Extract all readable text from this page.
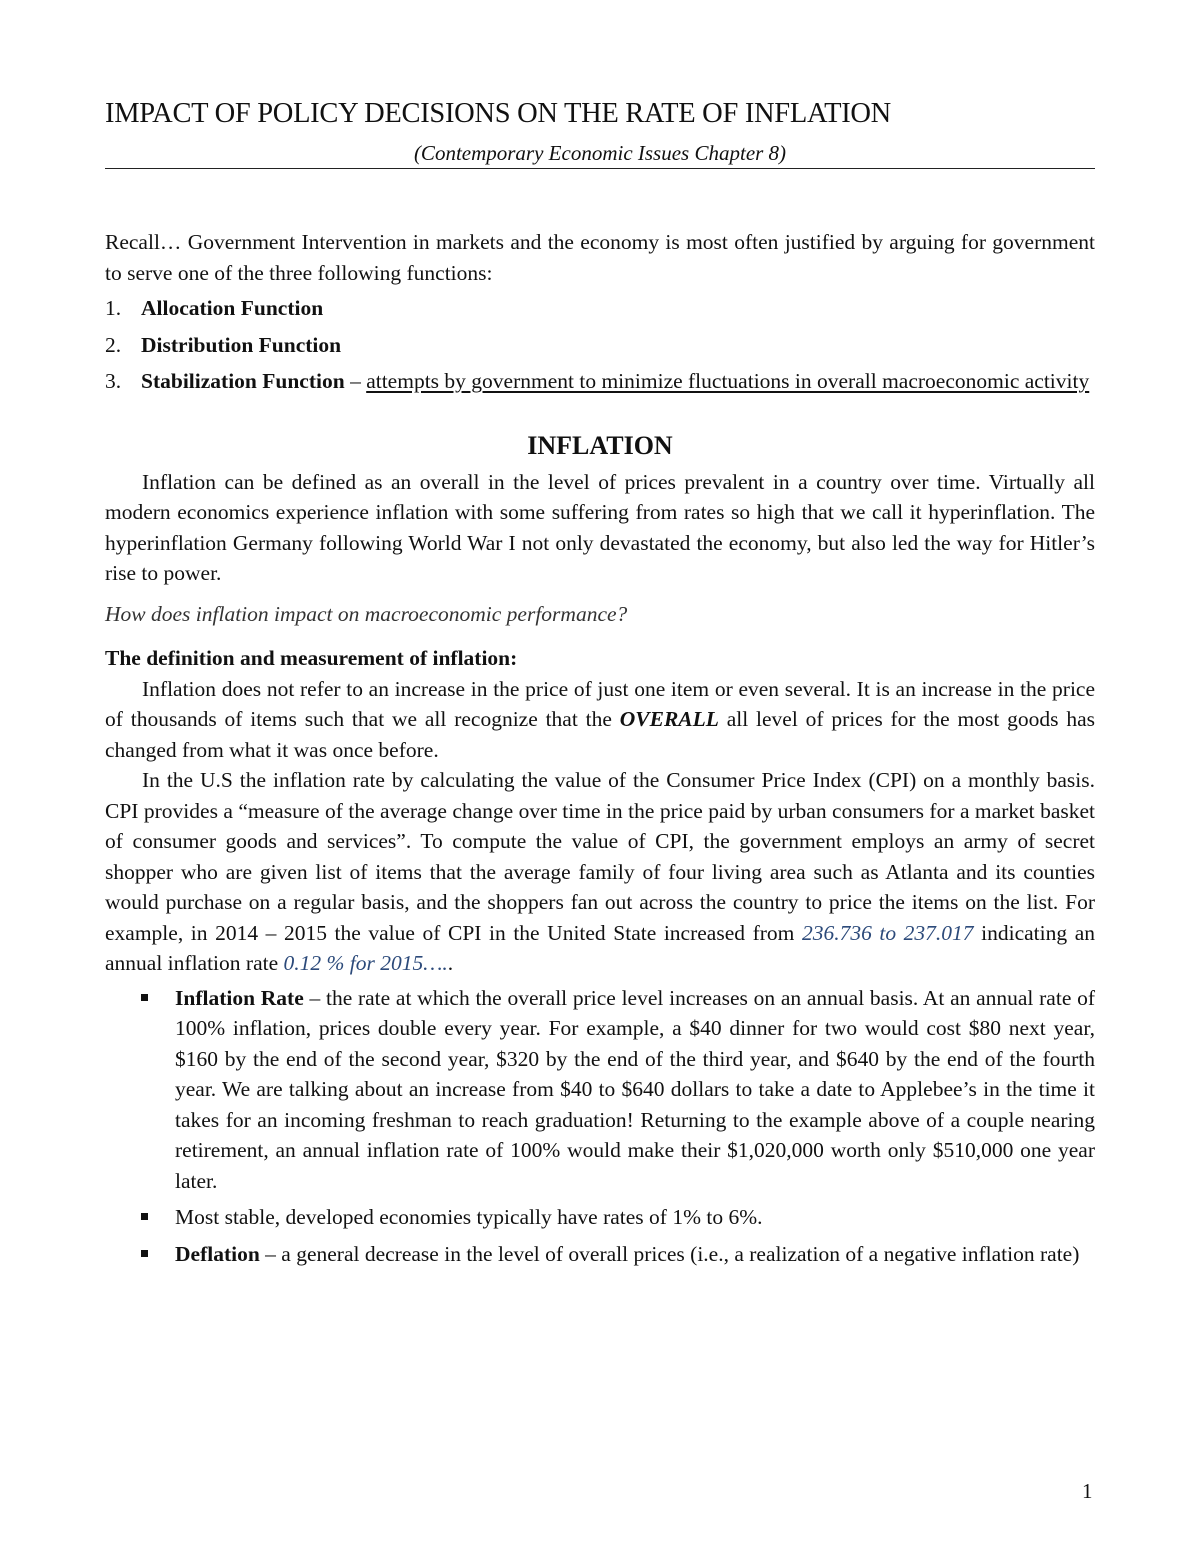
IMPACT OF POLICY DECISIONS ON THE RATE OF INFLATION
(Contemporary Economic Issues Chapter 8)

Recall… Government Intervention in markets and the economy is most often justified by arguing for government to serve one of the three following functions:

1. Allocation Function
2. Distribution Function
3. Stabilization Function – attempts by government to minimize fluctuations in overall macroeconomic activity
INFLATION

Inflation can be defined as an overall in the level of prices prevalent in a country over time. Virtually all modern economics experience inflation with some suffering from rates so high that we call it hyperinflation. The hyperinflation Germany following World War I not only devastated the economy, but also led the way for Hitler’s rise to power.

How does inflation impact on macroeconomic performance?

The definition and measurement of inflation:

Inflation does not refer to an increase in the price of just one item or even several. It is an increase in the price of thousands of items such that we all recognize that the OVERALL all level of prices for the most goods has changed from what it was once before.

In the U.S the inflation rate by calculating the value of the Consumer Price Index (CPI) on a monthly basis. CPI provides a “measure of the average change over time in the price paid by urban consumers for a market basket of consumer goods and services”. To compute the value of CPI, the government employs an army of secret shopper who are given list of items that the average family of four living area such as Atlanta and its counties would purchase on a regular basis, and the shoppers fan out across the country to price the items on the list. For example, in 2014 – 2015 the value of CPI in the United State increased from 236.736 to 237.017 indicating an annual inflation rate 0.12 % for 2015…..

Inflation Rate – the rate at which the overall price level increases on an annual basis. At an annual rate of 100% inflation, prices double every year. For example, a $40 dinner for two would cost $80 next year, $160 by the end of the second year, $320 by the end of the third year, and $640 by the end of the fourth year. We are talking about an increase from $40 to $640 dollars to take a date to Applebee’s in the time it takes for an incoming freshman to reach graduation! Returning to the example above of a couple nearing retirement, an annual inflation rate of 100% would make their $1,020,000 worth only $510,000 one year later.
Most stable, developed economies typically have rates of 1% to 6%.
Deflation – a general decrease in the level of overall prices (i.e., a realization of a negative inflation rate)
1
